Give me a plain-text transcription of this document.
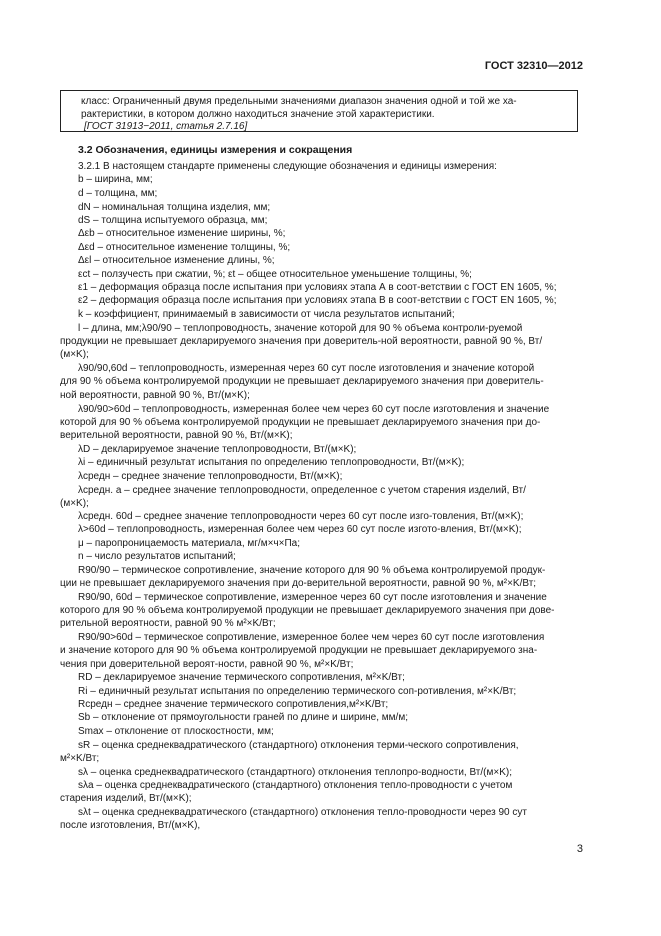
ГОСТ 32310—2012
класс: Ограниченный двумя предельными значениями диапазон значения одной и той же ха-
рактеристики, в котором должно находиться значение этой характеристики.
[ГОСТ 31913−2011, статья 2.7.16]
3.2 Обозначения, единицы измерения и сокращения
3.2.1 В настоящем стандарте применены следующие обозначения и единицы измерения:
b – ширина, мм;
d – толщина, мм;
dN – номинальная толщина изделия, мм;
dS – толщина испытуемого образца, мм;
Δεb – относительное изменение ширины, %;
Δεd – относительное изменение толщины, %;
Δεl – относительное изменение длины, %;
εct – ползучесть при сжатии, %; εt – общее относительное уменьшение толщины, %;
ε1 – деформация образца после испытания при условиях этапа А в соот-ветствии с ГОСТ EN 1605, %;
ε2 – деформация образца после испытания при условиях этапа В в соот-ветствии с ГОСТ EN 1605, %;
k – коэффициент, принимаемый в зависимости от числа результатов испытаний;
l – длина, мм;λ90/90 – теплопроводность, значение которой для 90 % объема контроли-руемой
продукции не превышает декларируемого значения при доверитель-ной вероятности, равной 90 %, Вт/
(м×K);
λ90/90,60d – теплопроводность, измеренная через 60 сут после изготовления и значение которой
для 90 % объема контролируемой продукции не превышает декларируемого значения при доверитель-
ной вероятности, равной 90 %, Вт/(м×K);
λ90/90>60d – теплопроводность, измеренная более чем через 60 сут после изготовления и значение
которой для 90 % объема контролируемой продукции не превышает декларируемого значения при до-
верительной вероятности, равной 90 %, Вт/(м×K);
λD – декларируемое значение теплопроводности, Вт/(м×K);
λi – единичный результат испытания по определению теплопроводности, Вт/(м×K);
λсредн – среднее значение теплопроводности, Вт/(м×K);
λсредн. а – среднее значение теплопроводности, определенное с учетом старения изделий, Вт/
(м×K);
λсредн. 60d – среднее значение теплопроводности через 60 сут после изго-товления, Вт/(м×K);
λ>60d – теплопроводность, измеренная более чем через 60 сут после изгото-вления, Вт/(м×K);
μ – паропроницаемость материала, мг/м×ч×Па;
n – число результатов испытаний;
R90/90 – термическое сопротивление, значение которого для 90 % объема контролируемой продук-
ции не превышает декларируемого значения при до-верительной вероятности, равной 90 %, м²×K/Вт;
R90/90, 60d – термическое сопротивление, измеренное через 60 сут после изготовления и значение
которого для 90 % объема контролируемой продукции не превышает декларируемого значения при дове-
рительной вероятности, равной 90 % м²×K/Вт;
R90/90>60d – термическое сопротивление, измеренное более чем через 60 сут после изготовления
и значение которого для 90 % объема контролируемой продукции не превышает декларируемого зна-
чения при доверительной вероят-ности, равной 90 %, м²×K/Вт;
RD – декларируемое значение термического сопротивления, м²×K/Вт;
Ri – единичный результат испытания по определению термического соп-ротивления, м²×K/Вт;
Rсредн – среднее значение термического сопротивления,м²×K/Вт;
Sb – отклонение от прямоугольности граней по длине и ширине, мм/м;
Smax – отклонение от плоскостности, мм;
sR – оценка среднеквадратического (стандартного) отклонения терми-ческого сопротивления,
м²×K/Вт;
sλ – оценка среднеквадратического (стандартного) отклонения теплопро-водности, Вт/(м×K);
sλa – оценка среднеквадратического (стандартного) отклонения тепло-проводности с учетом
старения изделий, Вт/(м×K);
sλt – оценка среднеквадратического (стандартного) отклонения тепло-проводности через 90 сут
после изготовления, Вт/(м×K),
3
